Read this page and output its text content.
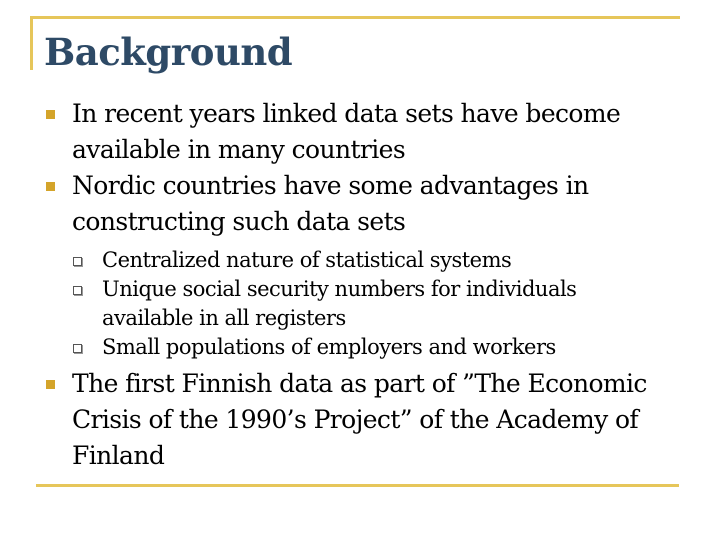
Background
In recent years linked data sets have become available in many countries
Nordic countries have some advantages in constructing such data sets
Centralized nature of statistical systems
Unique social security numbers for individuals available in all registers
Small populations of employers and workers
The first Finnish data as part of ”The Economic Crisis of the 1990’s Project” of the Academy of Finland
